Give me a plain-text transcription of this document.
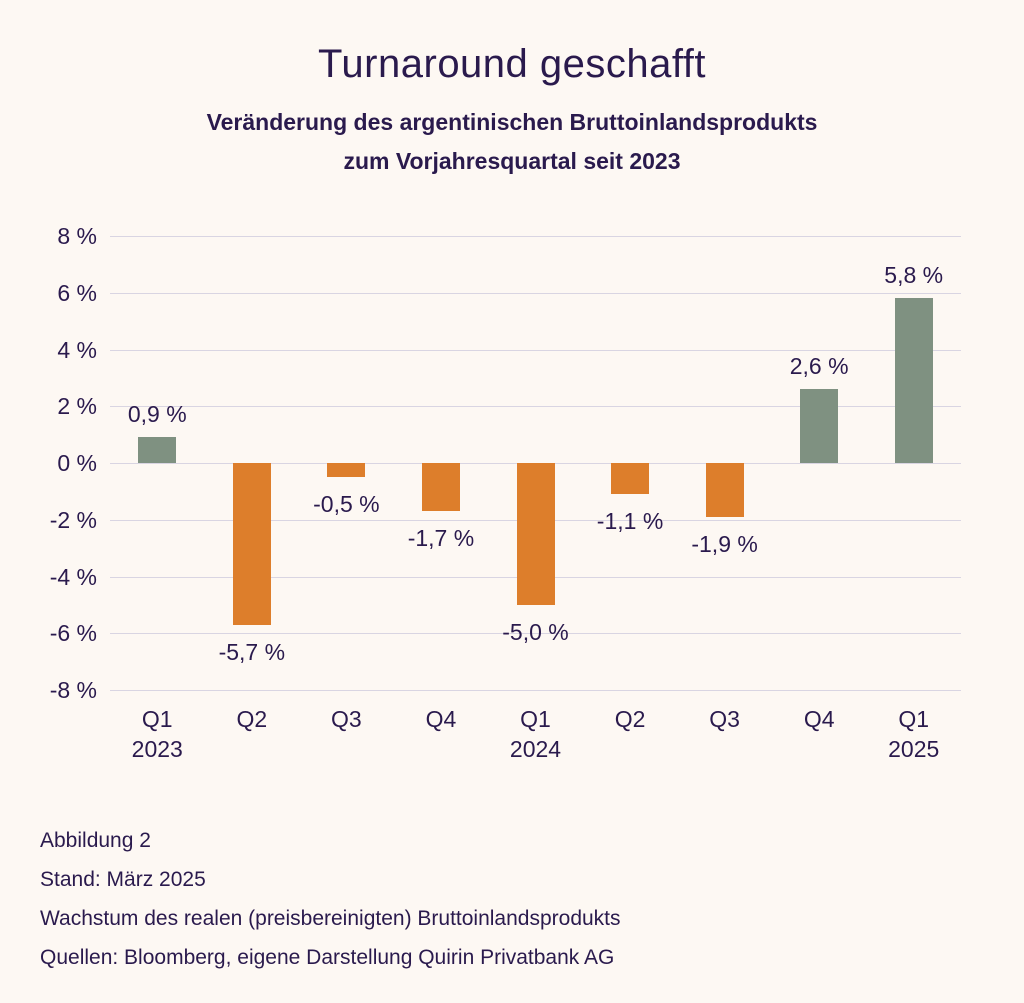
Turnaround geschafft
Veränderung des argentinischen Bruttoinlandsprodukts
zum Vorjahresquartal seit 2023
8 %
6 %
4 %
2 %
0 %
-2 %
-4 %
-6 %
-8 %
0,9 %
Q1
2023
-5,7 %
Q2
-0,5 %
Q3
-1,7 %
Q4
-5,0 %
Q1
2024
-1,1 %
Q2
-1,9 %
Q3
2,6 %
Q4
5,8 %
Q1
2025
Abbildung 2
Stand: März 2025
Wachstum des realen (preisbereinigten) Bruttoinlandsprodukts
Quellen: Bloomberg, eigene Darstellung Quirin Privatbank AG
